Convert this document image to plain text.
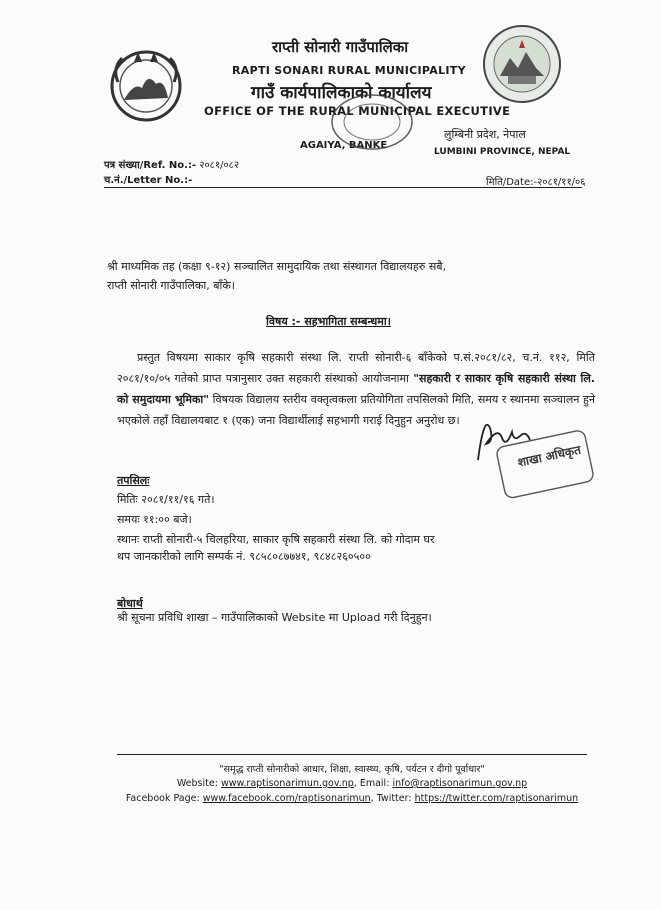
राप्ती सोनारी गाउँपालिका
RAPTI SONARI RURAL MUNICIPALITY
गाउँ कार्यपालिकाको कार्यालय
OFFICE OF THE RURAL MUNICIPAL EXECUTIVE
AGAIYA, BANKE
लुम्बिनी प्रदेश, नेपाल
LUMBINI PROVINCE, NEPAL
पत्र संख्या/Ref. No.:- २०८१/०८२
च.नं./Letter No.:-	मिति/Date:-२०८१/११/०६
श्री माध्यमिक तह (कक्षा ९-१२) सञ्चालित सामुदायिक तथा संस्थागत विद्यालयहरु सबै,
राप्ती सोनारी गाउँपालिका, बाँके।
विषय :- सहभागिता सम्बन्धमा।
प्रस्तुत विषयमा साकार कृषि सहकारी संस्था लि. राप्ती सोनारी-६ बाँकेको प.सं.२०८१/८२, च.नं. ११२, मिति २०८१/१०/०५ गतेको प्राप्त पत्रानुसार उक्त सहकारी संस्थाको आयोजनामा "सहकारी र साकार कृषि सहकारी संस्था लि. को समुदायमा भूमिका" विषयक विद्यालय स्तरीय वक्तृत्वकला प्रतियोगिता तपसिलको मिति, समय र स्थानमा सञ्चालन हुने भएकोले तहाँ विद्यालयबाट १ (एक) जना विद्यार्थीलाई सहभागी गराई दिनुहुन अनुरोध छ।
शाखा अधिकृत
तपसिलः
मितिः २०८१/११/१६ गते।
समयः ११:०० बजे।
स्थानः राप्ती सोनारी-५ चिलहरिया, साकार कृषि सहकारी संस्था लि. को गोदाम घर
थप जानकारीको लागि सम्पर्क नं. ९८५८०८७७४१, ९८४८२६०५००
बोधार्थ
श्री सूचना प्रविधि शाखा – गाउँपालिकाको Website मा Upload गरी दिनुहुन।
"समृद्ध राप्ती सोनारीको आधार, शिक्षा, स्वास्थ्य, कृषि, पर्यटन र दीगो पूर्वाधार"
Website: www.raptisonarimun.gov.np, Email: info@raptisonarimun.gov.np
Facebook Page: www.facebook.com/raptisonarimun, Twitter: https://twitter.com/raptisonarimun
